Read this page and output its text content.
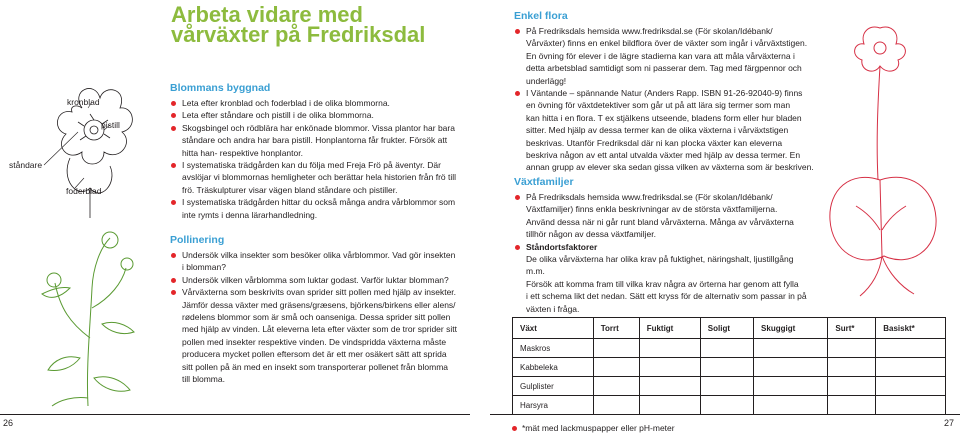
Arbeta vidare med
vårväxter på Fredriksdal
kronblad
pistill
ståndare
foderblad
Blommans byggnad
Leta efter kronblad och foderblad i de olika blommorna.
Leta efter ståndare och pistill i de olika blommorna.
Skogsbingel och rödblära har enkönade blommor. Vissa plantor har bara
ståndare och andra har bara pistill. Honplantorna får frukter. Försök att
hitta han- respektive honplantor.
I systematiska trädgården kan du följa med Freja Frö på äventyr. Där
avslöjar vi blommornas hemligheter och berättar hela historien från frö till
frö. Träskulpturer visar vägen bland ståndare och pistiller.
I systematiska trädgården hittar du också många andra vårblommor som
inte rymts i denna lärarhandledning.
Pollinering
Undersök vilka insekter som besöker olika vårblommor. Vad gör insekten
i blomman?
Undersök vilken vårblomma som luktar godast. Varför luktar blomman?
Vårväxterna som beskrivits ovan sprider sitt pollen med hjälp av insekter.
Jämför dessa växter med gräsens/græsens, björkens/birkens eller alens/
rødelens blommor som är små och oanseniga. Dessa sprider sitt pollen
med hjälp av vinden. Låt eleverna leta efter växter som de tror sprider sitt
pollen med insekter respektive vinden. De vindspridda växterna måste
producera mycket pollen eftersom det är ett mer osäkert sätt att sprida
sitt pollen på än med en insekt som transporterar pollenet från blomma
till blomma.
Enkel flora
På Fredriksdals hemsida www.fredriksdal.se (För skolan/Idébank/
Vårväxter) finns en enkel bildflora över de växter som ingår i vårväxtstigen.
En övning för elever i de lägre stadierna kan vara att måla vårväxterna i
detta arbetsblad samtidigt som ni passerar dem. Tag med färgpennor och
underlägg!
I Väntande – spännande Natur (Anders Rapp. ISBN 91-26-92040-9) finns
en övning för växtdetektiver som går ut på att lära sig termer som man
kan hitta i en flora. T ex stjälkens utseende, bladens form eller hur bladen
sitter. Med hjälp av dessa termer kan de olika växterna i vårväxtstigen
beskrivas. Utanför Fredriksdal där ni kan plocka växter kan eleverna
beskriva någon av ett antal utvalda växter med hjälp av dessa termer. En
annan grupp av elever ska sedan gissa vilken av växterna som är beskriven.
Växtfamiljer
På Fredriksdals hemsida www.fredriksdal.se (För skolan/Idébank/
Växtfamiljer) finns enkla beskrivningar av de största växtfamiljerna.
Använd dessa när ni går runt bland vårväxterna. Många av vårväxterna
tillhör någon av dessa växtfamiljer.
Ståndortsfaktorer
De olika vårväxterna har olika krav på fuktighet, näringshalt, ljustillgång
m.m.
Försök att komma fram till vilka krav några av örterna har genom att fylla
i ett schema likt det nedan. Sätt ett kryss för de alternativ som passar in på
växten i fråga.
Växt	Torrt	Fuktigt	Soligt	Skuggigt	Surt*	Basiskt*
Maskros						
Kabbeleka						
Gulplister						
Harsyra						
26	27
*mät med lackmuspapper eller pH-meter
